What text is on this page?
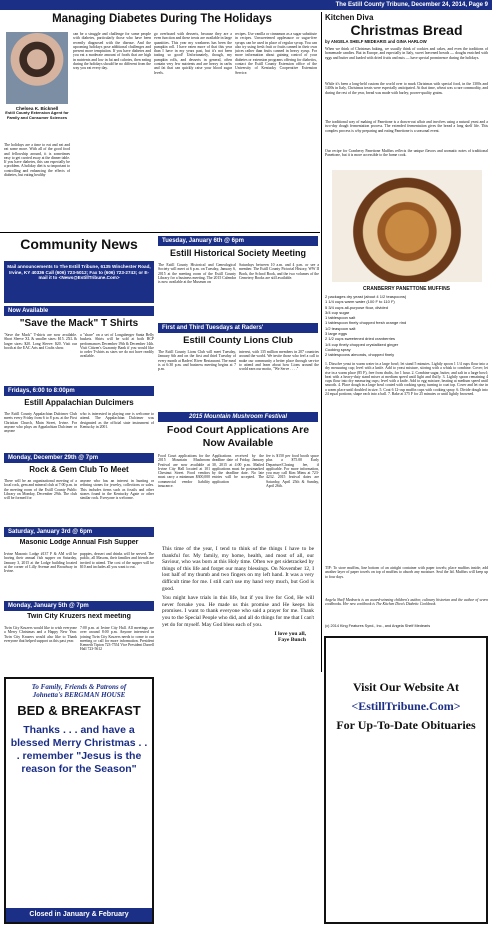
The Estill County Tribune, December 24, 2014, Page 9
Managing Diabetes During The Holidays
Chelsea K. Bicknell
Estill County Extension Agent for Family and Consumer Sciences
The holidays are a time to eat and eat and eat some more. With all of the good food and fellowship around, it is sometimes easy to get carried away at the dinner table. If you have diabetes, this can especially be a problem. A holiday diet is so important to controlling and enhancing the effects of diabetes, but eating healthy
can be a struggle and challenge for some people with diabetes, particularly those who have been recently diagnosed with the disease. And the upcoming holidays pose additional challenges and present more temptation. If you have diabetes and you eat a moderate amount of foods that are high in nutrients and low in fat and calories, then eating during the holidays should be no different from the way you eat every day.
go overboard with desserts, because they are a even function and these treats are available in large quantities. This year my weakness has been the pumpkin roll. I have eaten more of that this year than I have in my years past, but it's not been tasting so good! Unfortunately, though, my pumpkin rolls, and desserts in general, often contain very few nutrients and are heavy in carbs and fat that can quickly raise your blood sugar levels.
recipes. Use vanilla or cinnamon as a sugar substitute in recipes. Unsweetened applesauce or sugar-free syrups can be used in place of regular syrup. You can also try using fresh fruit or fruits canned in their own juices rather than fruits canned in heavy syrup. For more information about gaining control of your diabetes or extension programs offering for diabetics, contact the Estill County Extension office of the University of Kentucky Cooperative Extension Service.
Community News
Mail announcements to The Estill Tribune, 6135 Winchester Road, Irvine, KY 40336 Call (606) 723-5012; Fax to (606) 723-2743; or E-mail it to <News@EstillTribune.Com>
Now Available
"Save the Mack" T Shirts
"Save the Mack" T-shirts are now available. Short Sleeve XL & smaller sizes: $15. 2XL & larger sizes: $20. Long Sleeve: $20. Visit our booth at the EAC Arts and Crafts show.
a "share" on a set of Longaberger Santa Belly baskets. Shirts will be sold at both RCP performances December 19th & December 14th. Visit Citizen's Guaranty Bank if you would like to order T-shirts as sizes we do not have readily available.
Fridays, 6:00 to 8:00pm
Estill Appalachian Dulcimers
The Estill County Appalachian Dulcimer Club meets every Friday from 6 to 8 p.m. at the First Christian Church, Main Street, Irvine. For anyone who plays an Appalachian Dulcimer or anyone
who is interested in playing one is welcome to attend. The Appalachian Dulcimer was designated as the official state instrument of Kentucky in 2001.
Monday, December 29th @ 7pm
Rock & Gem Club To Meet
There will be an organizational meeting of a local rock, gem and mineral club at 7:00 p.m. in the meeting room of the Estill County Public Library on Monday, December 29th. The club will be formed for
anyone who has an interest in hunting or refining stones for jewelry, collections or sales. This includes items such as fossils and other stones found in the Kentucky Agate or other similar rock. Everyone is welcome.
Saturday, January 3rd @ 6pm
Masonic Lodge Annual Fish Supper
Irvine Masonic Lodge #137 F & AM will be having their annual fish supper on Saturday, January 3, 2015 at the Lodge building located at the corner of Lilly Avenue and Broadway in Irvine.
puppies, dessert and drinks will be served. The public, all Masons, their families and friends are invited to attend. The cost of the supper will be $10 and includes all you want to eat.
Monday, January 5th @ 7pm
Twin City Kruzers next meeting
Twin City Kruzers would like to wish everyone a Merry Christmas and a Happy New Year. Twin City Kruzers would also like to Thank everyone that helped support us this past year.
7:00 p.m. at Irvine City Hall. All meetings are over around 8:00 p.m. Anyone interested in joining Twin City Kruzers needs to come to our meeting or call for more information. President Kenneth Tipton 723-7554 Vice President Darrell Hall 723-5612
To Family, Friends & Patrons of
Johnetta's BERGMAN HOUSE
BED & BREAKFAST
Thanks . . . and have a blessed Merry Christmas . . . remember "Jesus is the reason for the Season"
Closed in January & February
Tuesday, January 6th @ 6pm
Estill Historical Society Meeting
The Estill County Historical and Genealogical Society will meet at 6 p.m. on Tuesday, January 6, 2015 at the meeting room of the Estill County Library for a business meeting. The 2015 Calendar is now available at the Museum on
Saturdays between 10 a.m. and 4 p.m. or see a member. The Estill County Pictorial History, WW II Book, the School Book, and the two volumes of the Cemetery Books are still available.
First and Third Tuesdays at Raders'
Estill County Lions Club
The Estill County Lions Club will meet Tuesday, January 6th and on the first and third Tuesday of every month at Raders' River Restaurant. The meal is at 6:30 p.m. and business meeting begins at 7 p.m.
interest, with 135 million members in 207 countries around the world. We invite those who feel a call to make our community a better place through service to attend and learn about how Lions around the world earn our motto, "We Serve . . . ."
2015 Mountain Mushroom Festival
Food Court Applications Are Now Available
Food Court applications for the 2015 Mountain Mushroom Festival are now available at Irvine City Hall located at 101 Chestnut Street. Food vendors must carry a minimum $300,000 commercial vendor liability insurance.
Applications received by the deadline date of Friday, January 30, 2015 at 4:00 p.m. Mailed applications must be postmarked by the deadline date. No late entries will be accepted. The application
fee is $150 per food booth space plus a $75.00 Early Departure/Closing fee, if applicable. For more information, you may call Kim Mims at 723-4232. 2015 festival dates are Saturday, April 25th & Sunday, April 26th.
This time of the year, I tend to think of the things I have to be thankful for. My family, my home, health, and most of all, our Saviour, who was born at this Holy time. Often we get sidetracked by things of this life and forget our many blessings. On November 12, I lost half of my thumb and two fingers on my left hand. It was a very difficult time for me. I still can't use my hand very much, but God is good.
You might have trials in this life, but if you live for God, He will never forsake you. He made us this promise and He keeps his promises. I want to thank everyone who said a prayer for me. Thank you to the Special People who did, and all do things for me that I can't yet do for myself. May God bless each of you.
I love you all,
Faye Bunch
Kitchen Diva
Christmas Bread
by ANGELA SHELF MEDEARIS and GINA HARLOW
When we think of Christmas baking, we usually think of cookies and cakes, and even the traditions of homemade candies. But in Europe, and especially in Italy, sweet leavened breads — doughs enriched with eggs and butter and loaded with dried fruits and nuts — have special prominence during the holidays.
While it's been a long-held custom the world over to mark Christmas with special food, in the 1300s and 1400s in Italy, Christmas treats were especially anticipated. At that time, wheat was a rare commodity, and during the rest of the year, bread was made with barley, poorer-quality grains.
The traditional way of making of Panettone is a drawn-out affair and involves using a natural yeast and a two-day dough fermentation process. The extended fermentation gives the bread a long shelf life. This complex process is why preparing and eating Panettone is a seasonal event.
Our recipe for Cranberry Panettone Muffins reflects the unique flavors and aromatic notes of traditional Panettone, but it is more accessible to the home cook.
CRANBERRY PANETTONE MUFFINS
2 packages dry yeast (about 4 1/2 teaspoons)
1 1/4 cups warm water (100 F to 110 F)
5 3/4 cups all-purpose flour, divided
3/4 cup sugar
1 tablespoon salt
1 tablespoon finely chopped fresh orange rind
1/2 teaspoon salt
3 large eggs
2 1/2 cups sweetened dried cranberries
1/4 cup finely chopped crystallized ginger
Cooking spray
2 tablespoons almonds, chopped finely
1. Dissolve yeast in warm water in a large bowl; let stand 5 minutes. Lightly spoon 1 1/4 cups flour into a dry measuring cup; level with a knife. Add to yeast mixture, stirring with a whisk to combine. Cover; let rise in a warm place (85 F), free from drafts, for 1 hour. 2. Combine sugar, butter, and salt in a large bowl; beat with a heavy-duty stand mixer at medium speed until light and fluffy. 3. Lightly spoon remaining 4 cups flour into dry measuring cups; level with a knife. Add to egg mixture, beating at medium speed until smooth. 4. Place dough in a large bowl coated with cooking spray, turning to coat top. Cover and let rise in a warm place until doubled in size. 5. Coat 6 12-cup muffin cups with cooking spray. 6. Divide dough into 24 equal portions; shape each into a ball. 7. Bake at 375 F for 25 minutes or until lightly browned.
TIP: To store muffins, line bottom of an airtight container with paper towels; place muffins inside; add another layer of paper towels on top of muffins to absorb any moisture. Seal the lid. Muffins will keep up to four days.
Angela Shelf Medearis is an award-winning children's author, culinary historian and the author of seven cookbooks. Her new cookbook is The Kitchen Diva's Diabetic Cookbook.
(c) 2014 King Features Synd., Inc., and Angela Shelf Medearis
Visit Our Website At
<EstillTribune.Com>
For Up-To-Date Obituaries
